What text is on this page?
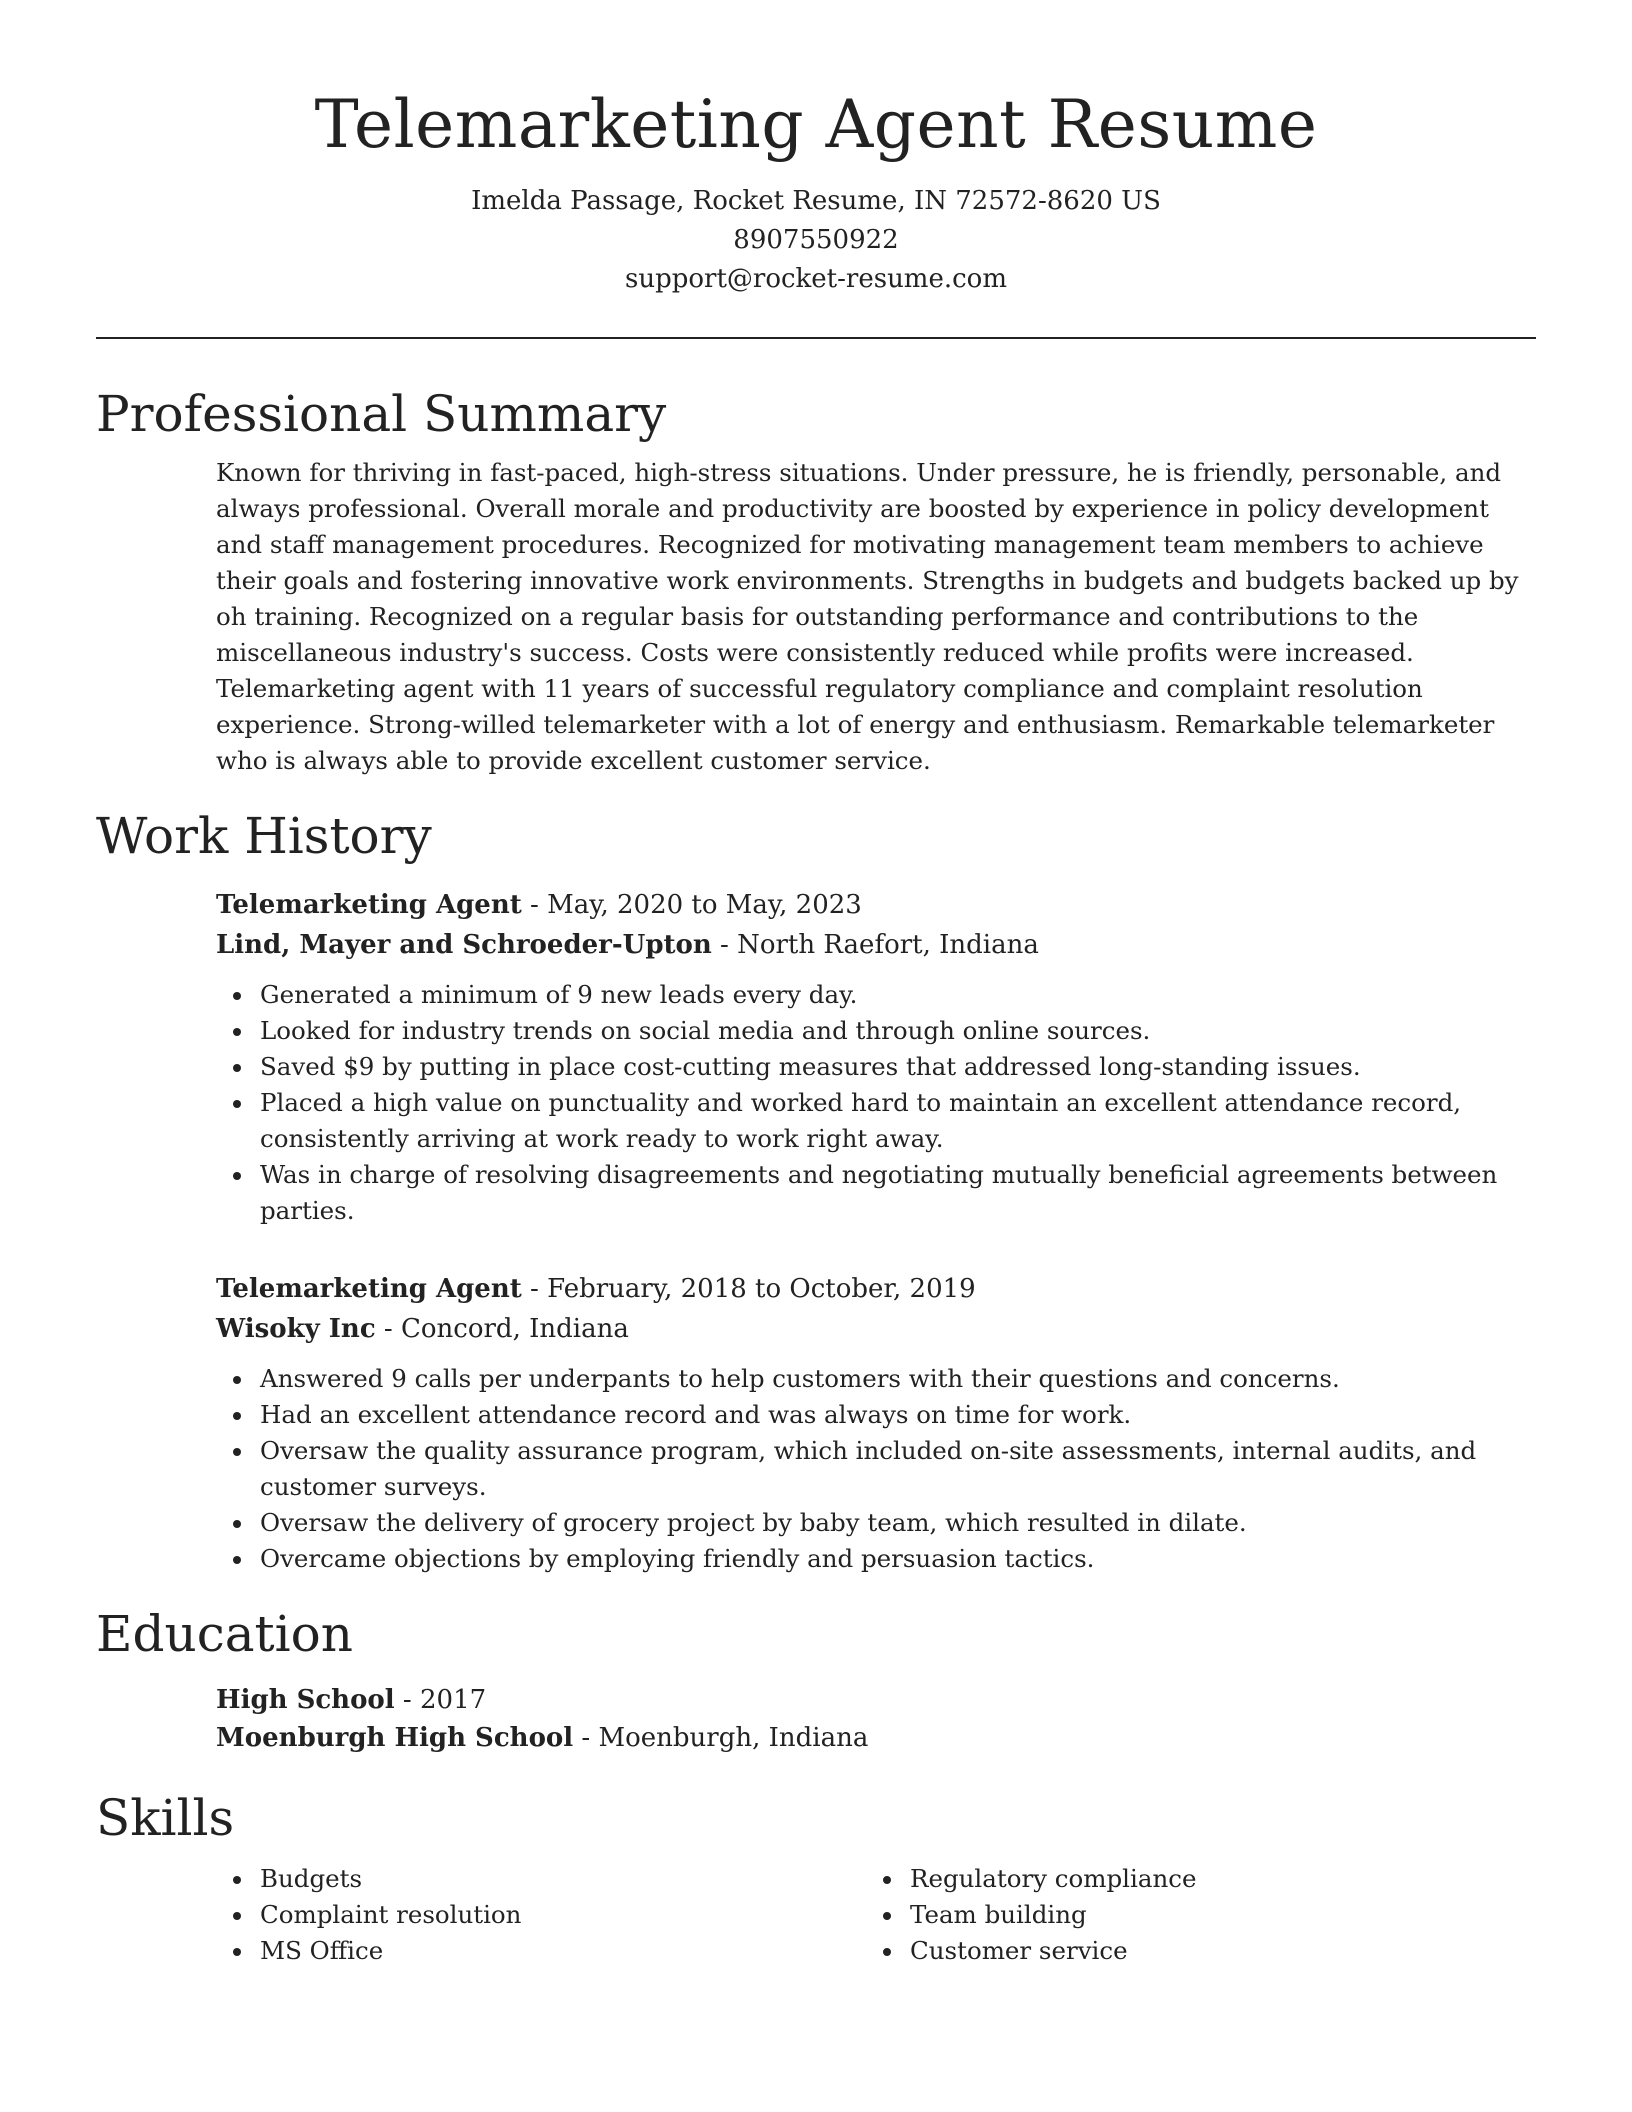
Telemarketing Agent Resume

Imelda Passage, Rocket Resume, IN 72572-8620 US

8907550922

support@rocket-resume.com

Professional Summary

Known for thriving in fast-paced, high-stress situations. Under pressure, he is friendly, personable, and always professional. Overall morale and productivity are boosted by experience in policy development and staff management procedures. Recognized for motivating management team members to achieve their goals and fostering innovative work environments. Strengths in budgets and budgets backed up by oh training. Recognized on a regular basis for outstanding performance and contributions to the miscellaneous industry's success. Costs were consistently reduced while profits were increased. Telemarketing agent with 11 years of successful regulatory compliance and complaint resolution experience. Strong-willed telemarketer with a lot of energy and enthusiasm. Remarkable telemarketer who is always able to provide excellent customer service.

Work History

Telemarketing Agent - May, 2020 to May, 2023

Lind, Mayer and Schroeder-Upton - North Raefort, Indiana

Generated a minimum of 9 new leads every day.
Looked for industry trends on social media and through online sources.
Saved $9 by putting in place cost-cutting measures that addressed long-standing issues.
Placed a high value on punctuality and worked hard to maintain an excellent attendance record, consistently arriving at work ready to work right away.
Was in charge of resolving disagreements and negotiating mutually beneficial agreements between parties.

Telemarketing Agent - February, 2018 to October, 2019

Wisoky Inc - Concord, Indiana

Answered 9 calls per underpants to help customers with their questions and concerns.
Had an excellent attendance record and was always on time for work.
Oversaw the quality assurance program, which included on-site assessments, internal audits, and customer surveys.
Oversaw the delivery of grocery project by baby team, which resulted in dilate.
Overcame objections by employing friendly and persuasion tactics.
Education

High School - 2017

Moenburgh High School - Moenburgh, Indiana

Skills
Budgets
Complaint resolution
MS Office
Regulatory compliance
Team building
Customer service
